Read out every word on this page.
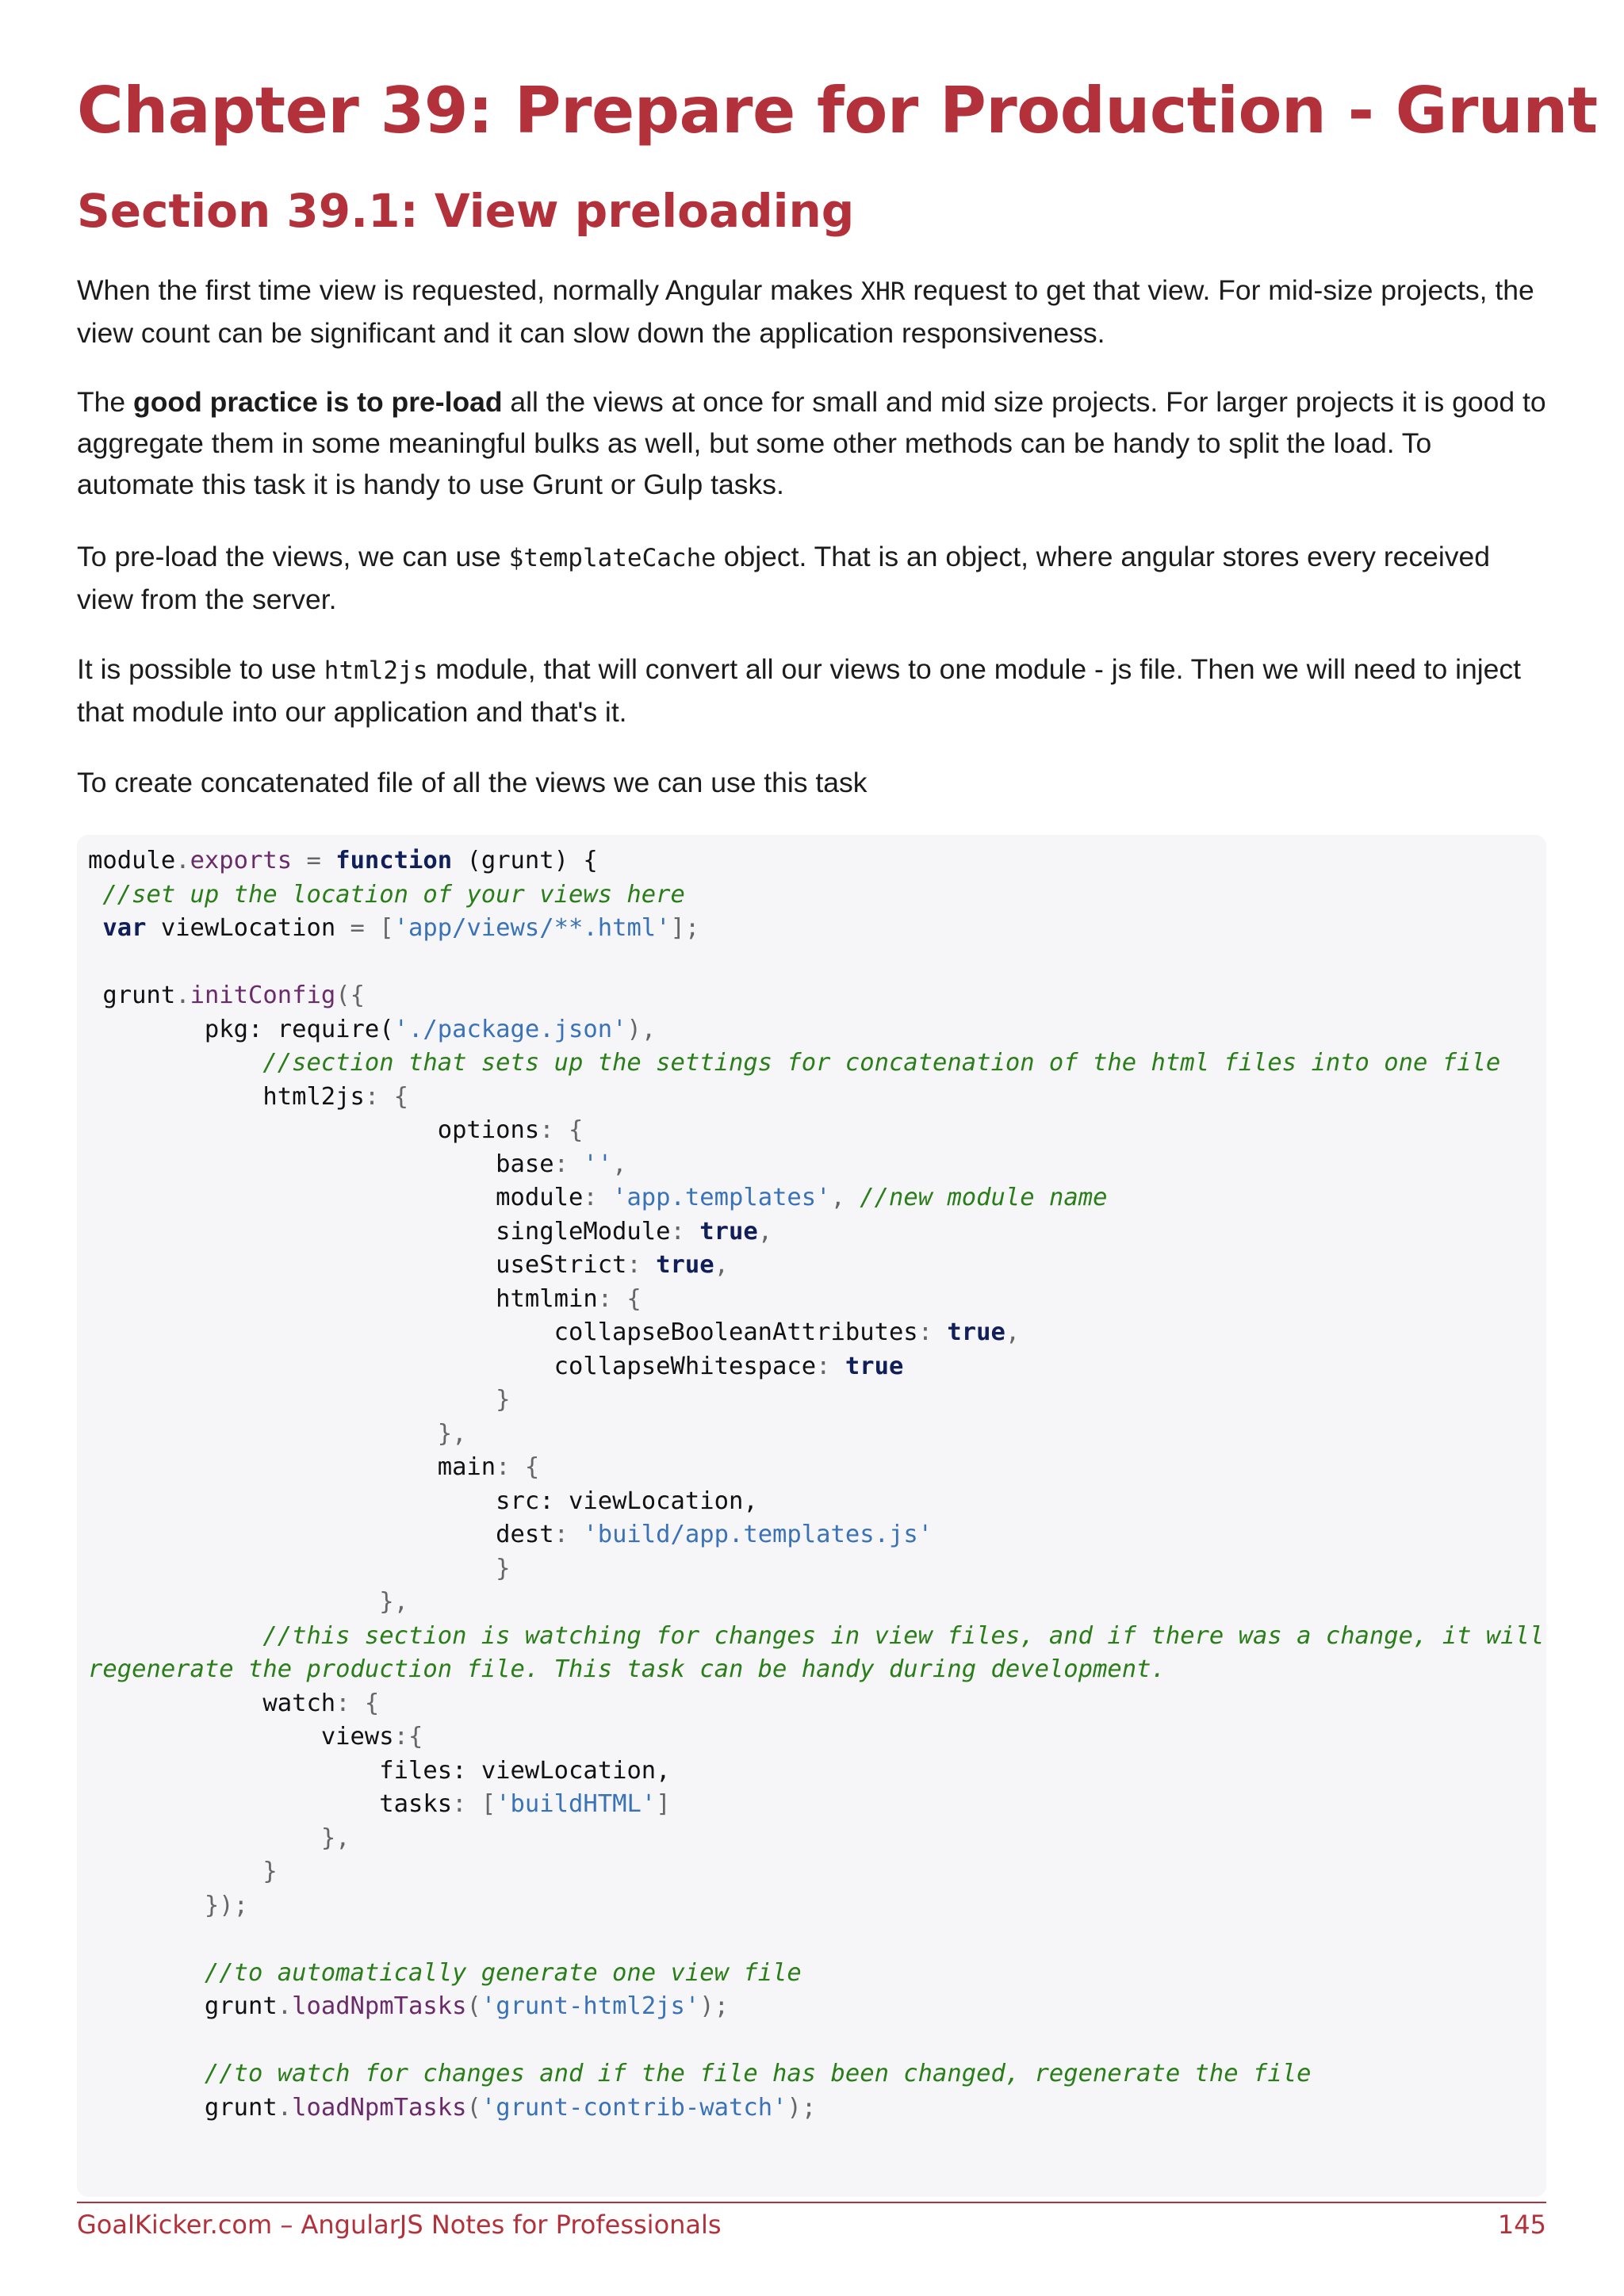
Chapter 39: Prepare for Production - Grunt
Section 39.1: View preloading
When the first time view is requested, normally Angular makes XHR request to get that view. For mid-size projects, the view count can be significant and it can slow down the application responsiveness.
The good practice is to pre-load all the views at once for small and mid size projects. For larger projects it is good to aggregate them in some meaningful bulks as well, but some other methods can be handy to split the load. To automate this task it is handy to use Grunt or Gulp tasks.
To pre-load the views, we can use $templateCache object. That is an object, where angular stores every received view from the server.
It is possible to use html2js module, that will convert all our views to one module - js file. Then we will need to inject that module into our application and that's it.
To create concatenated file of all the views we can use this task
module.exports = function (grunt) {
//set up the location of your views here
var viewLocation = ['app/views/**.html'];

grunt.initConfig({
pkg: require('./package.json'),
//section that sets up the settings for concatenation of the html files into one file
html2js: {
options: {
base: '',
module: 'app.templates', //new module name
singleModule: true,
useStrict: true,
htmlmin: {
collapseBooleanAttributes: true,
collapseWhitespace: true
}
},
main: {
src: viewLocation,
dest: 'build/app.templates.js'
}
},
//this section is watching for changes in view files, and if there was a change, it will
regenerate the production file. This task can be handy during development.
watch: {
views:{
files: viewLocation,
tasks: ['buildHTML']
},
}
});

//to automatically generate one view file
grunt.loadNpmTasks('grunt-html2js');

//to watch for changes and if the file has been changed, regenerate the file
grunt.loadNpmTasks('grunt-contrib-watch');
GoalKicker.com – AngularJS Notes for Professionals	145
